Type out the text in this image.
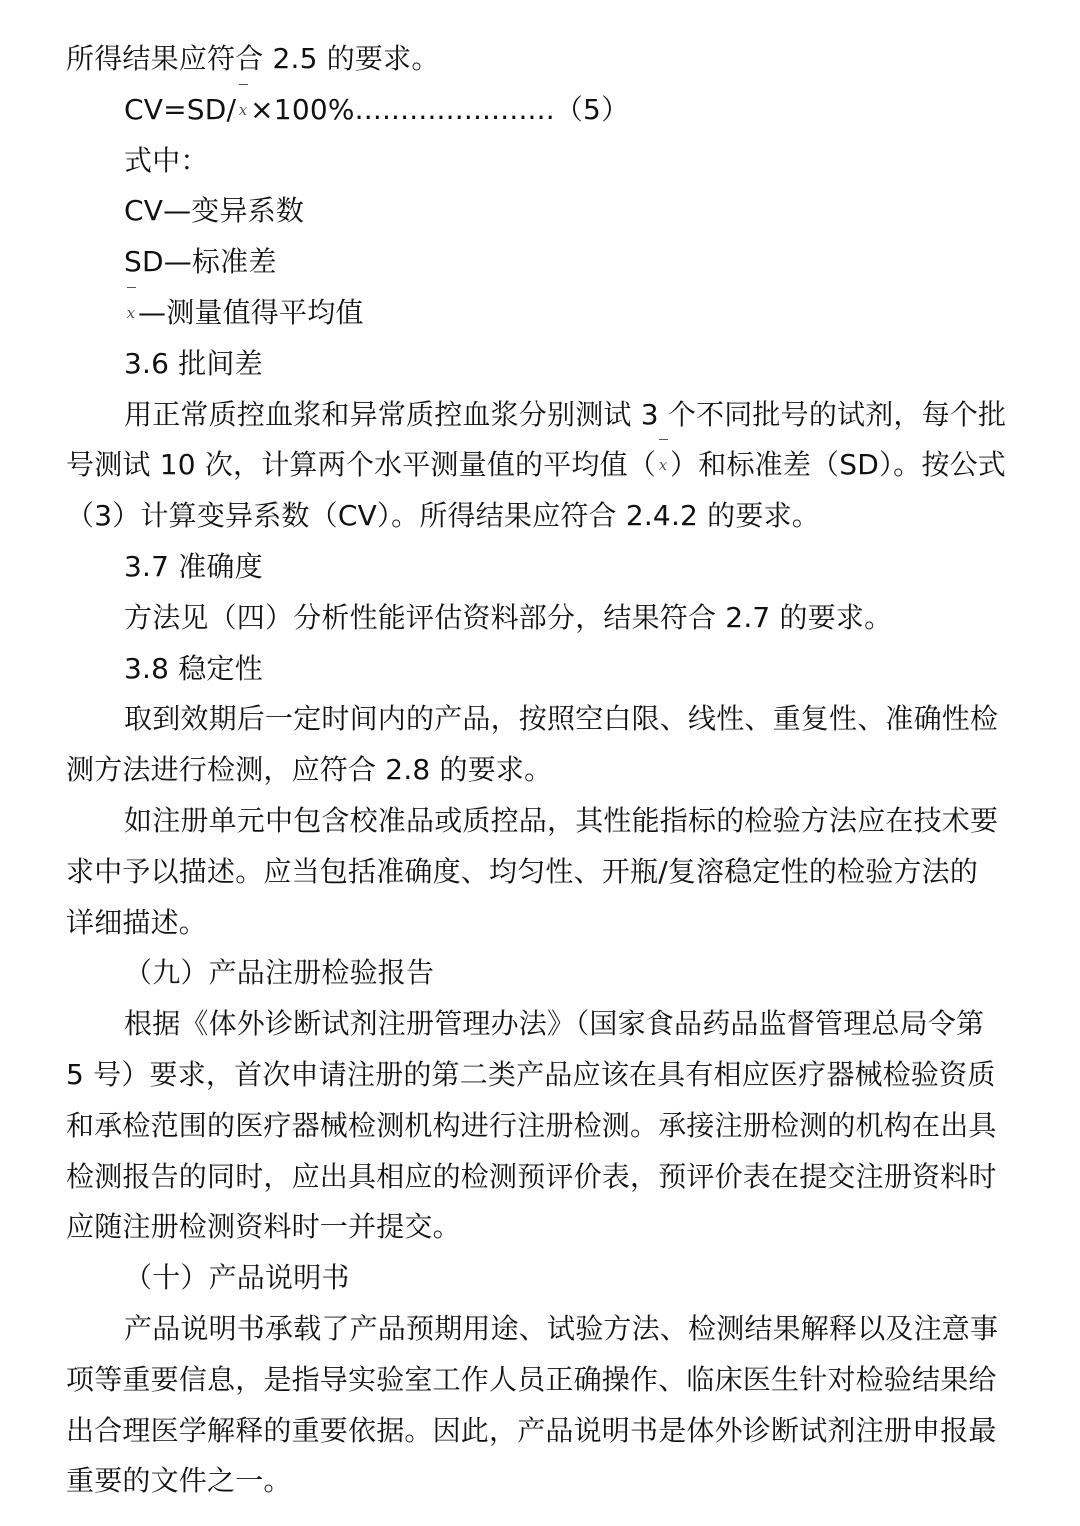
所得结果应符合 2.5 的要求。
CV=SD/ x×100%......................（5）
式中：
CV—变异系数
SD—标准差
x—测量值得平均值
3.6 批间差
用正常质控血浆和异常质控血浆分别测试 3 个不同批号的试剂，每个批
号测试 10 次，计算两个水平测量值的平均值（ x）和标准差（SD）。按公式
（3）计算变异系数（CV）。所得结果应符合 2.4.2 的要求。
3.7 准确度
方法见（四）分析性能评估资料部分，结果符合 2.7 的要求。
3.8 稳定性
取到效期后一定时间内的产品，按照空白限、线性、重复性、准确性检
测方法进行检测，应符合 2.8 的要求。
如注册单元中包含校准品或质控品，其性能指标的检验方法应在技术要
求中予以描述。应当包括准确度、均匀性、开瓶/复溶稳定性的检验方法的
详细描述。
（九）产品注册检验报告
根据《体外诊断试剂注册管理办法》（国家食品药品监督管理总局令第
5 号）要求，首次申请注册的第二类产品应该在具有相应医疗器械检验资质
和承检范围的医疗器械检测机构进行注册检测。承接注册检测的机构在出具
检测报告的同时，应出具相应的检测预评价表，预评价表在提交注册资料时
应随注册检测资料时一并提交。
（十）产品说明书
产品说明书承载了产品预期用途、试验方法、检测结果解释以及注意事
项等重要信息，是指导实验室工作人员正确操作、临床医生针对检验结果给
出合理医学解释的重要依据。因此，产品说明书是体外诊断试剂注册申报最
重要的文件之一。
